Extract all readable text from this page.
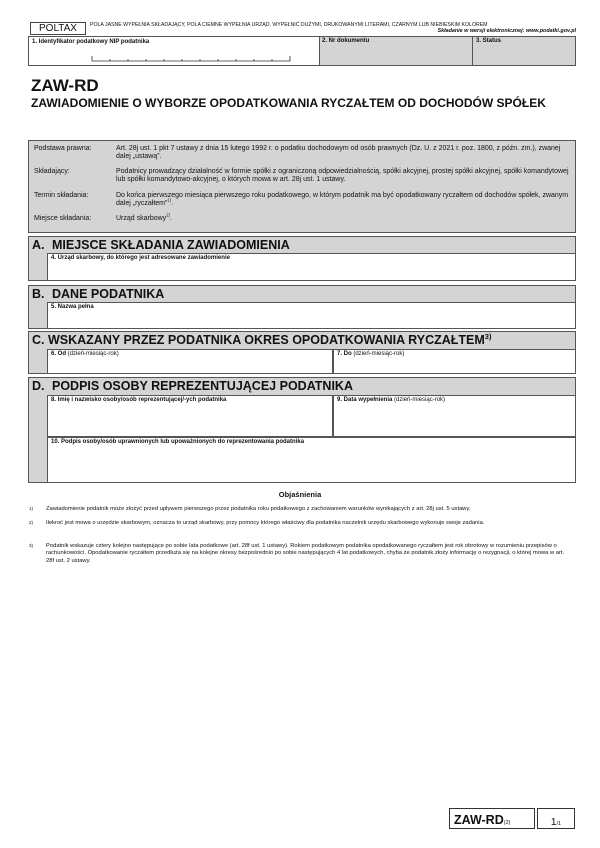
POLTAX	POLA JASNE WYPEŁNIA SKŁADAJĄCY, POLA CIEMNE WYPEŁNIA URZĄD. WYPEŁNIĆ DUŻYMI, DRUKOWANYMI LITERAMI, CZARNYM LUB NIEBIESKIM KOLOREM
Składanie w wersji elektronicznej: www.podatki.gov.pl
1. Identyfikator podatkowy NIP podatnika	2. Nr dokumentu	3. Status
ZAW-RD
ZAWIADOMIENIE O WYBORZE OPODATKOWANIA RYCZAŁTEM OD DOCHODÓW SPÓŁEK
Podstawa prawna:	Art. 28j ust. 1 pkt 7 ustawy z dnia 15 lutego 1992 r. o podatku dochodowym od osób prawnych (Dz. U. z 2021 r. poz. 1800, z późn. zm.), zwanej dalej „ustawą”.
Składający:	Podatnicy prowadzący działalność w formie spółki z ograniczoną odpowiedzialnością, spółki akcyjnej, prostej spółki akcyjnej, spółki komandytowej lub spółki komandytowo-akcyjnej, o których mowa w art. 28j ust. 1 ustawy.
Termin składania:	Do końca pierwszego miesiąca pierwszego roku podatkowego, w którym podatnik ma być opodatkowany ryczałtem od dochodów spółek, zwanym dalej „ryczałtem”$^{1)}$.
Miejsce składania:	Urząd skarbowy$^{2)}$.
A. MIEJSCE SKŁADANIA ZAWIADOMIENIA
4. Urząd skarbowy, do którego jest adresowane zawiadomienie
B. DANE PODATNIKA
5. Nazwa pełna
C. WSKAZANY PRZEZ PODATNIKA OKRES OPODATKOWANIA RYCZAŁTEM$^{3)}$
6. Od (dzień-miesiąc-rok)	7. Do (dzień-miesiąc-rok)
D. PODPIS OSOBY REPREZENTUJĄCEJ PODATNIKA
8. Imię i nazwisko osoby/osób reprezentującej/-ych podatnika	9. Data wypełnienia (dzień-miesiąc-rok)
10. Podpis osoby/osób uprawnionych lub upoważnionych do reprezentowania podatnika
Objaśnienia
1) Zawiadomienie podatnik może złożyć przed upływem pierwszego przez podatnika roku podatkowego z zachowaniem warunków wynikających z art. 28j ust. 5 ustawy.
2) Ilekroć jest mowa o urzędzie skarbowym, oznacza to urząd skarbowy, przy pomocy którego właściwy dla podatnika naczelnik urzędu skarbowego wykonuje swoje zadania.
3) Podatnik wskazuje cztery kolejno następujące po sobie lata podatkowe (art. 28f ust. 1 ustawy). Rokiem podatkowym podatnika opodatkowanego ryczałtem jest rok obrotowy w rozumieniu przepisów o rachunkowości. Opodatkowanie ryczałtem przedłuża się na kolejne okresy bezpośrednio po sobie następujących 4 lat podatkowych, chyba że podatnik złoży informację o rezygnacji, o której mowa w art. 28f ust. 2 ustawy.
ZAW-RD(2)	1/1
